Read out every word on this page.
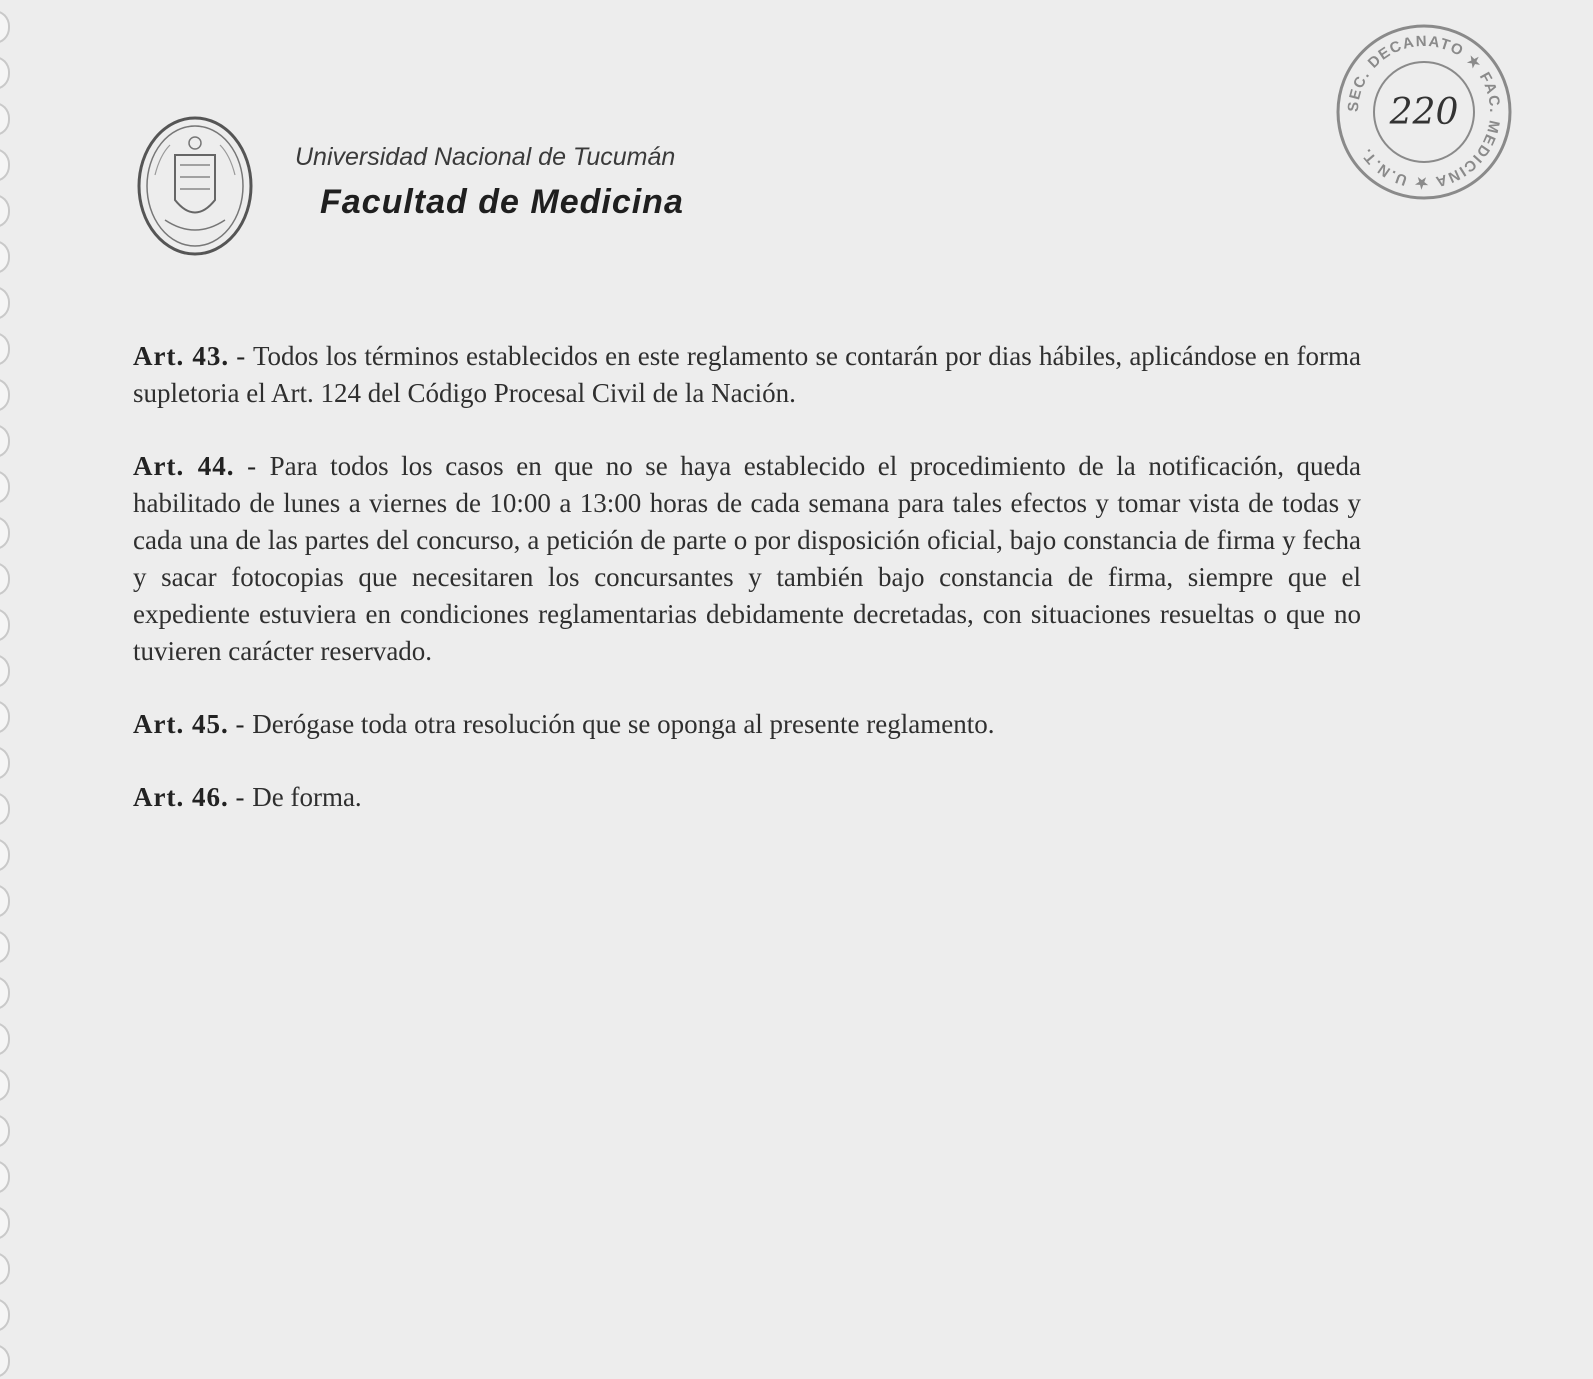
Universidad Nacional de Tucumán
Facultad de Medicina
SEC. DECANATO ★ FAC. MEDICINA ★ U.N.T.
220

Art. 43. - Todos los términos establecidos en este reglamento se contarán por dias hábiles, aplicándose en forma supletoria el Art. 124 del Código Procesal Civil de la Nación.

Art. 44. - Para todos los casos en que no se haya establecido el procedimiento de la notificación, queda habilitado de lunes a viernes de 10:00 a 13:00 horas de cada semana para tales efectos y tomar vista de todas y cada una de las partes del concurso, a petición de parte o por disposición oficial, bajo constancia de firma y fecha y sacar fotocopias que necesitaren los concursantes y también bajo constancia de firma, siempre que el expediente estuviera en condiciones reglamentarias debidamente decretadas, con situaciones resueltas o que no tuvieren carácter reservado.

Art. 45. - Derógase toda otra resolución que se oponga al presente reglamento.

Art. 46. - De forma.
